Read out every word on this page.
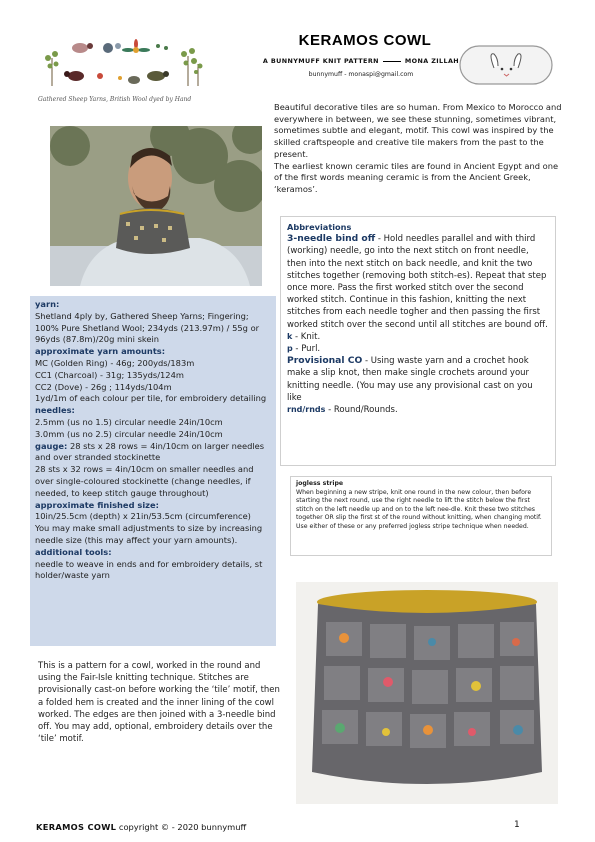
Gathered Sheep Yarns, British Wool dyed by Hand
KERAMOS COWL
A BUNNYMUFF KNIT PATTERN	MONA ZILLAH
bunnymuff - monaspi@gmail.com

Beautiful decorative tiles are so human. From Mexico to Morocco and everywhere in between, we see these stunning, sometimes vibrant, sometimes subtle and elegant, motif. This cowl was inspired by the skilled craftspeople and creative tile makers from the past to the present.

The earliest known ceramic tiles are found in Ancient Egypt and one of the first words meaning ceramic is from the Ancient Greek, ‘keramos’.

Abbreviations

3-needle bind off - Hold needles parallel and with third (working) needle, go into the next stitch on front needle, then into the next stitch on back needle, and knit the two stitches together (removing both stitch-es). Repeat that step once more. Pass the first worked stitch over the second worked stitch. Continue in this fashion, knitting the next stitches from each needle togher and then passing the first worked stitch over the second until all stitches are bound off.

k - Knit.

p - Purl.

Provisional CO - Using waste yarn and a crochet hook make a slip knot, then make single crochets around your knitting needle. (You may use any provisional cast on you like

rnd/rnds - Round/Rounds.

jogless stripe
When beginning a new stripe, knit one round in the new colour, then before starting the next round, use the right needle to lift the stitch below the first stitch on the left needle up and on to the left nee-dle. Knit these two stitches together OR slip the first st of the round without knitting, when changing motif. Use either of these or any preferred jogless stripe technique when needed.

yarn:

Shetland 4ply by, Gathered Sheep Yarns; Fingering; 100% Pure Shetland Wool; 234yds (213.97m) / 55g or 96yds (87.8m)/20g mini skein

approximate yarn amounts:

MC (Golden Ring) - 46g; 200yds/183m

CC1 (Charcoal) - 31g; 135yds/124m

CC2 (Dove) - 26g ; 114yds/104m

1yd/1m of each colour per tile, for embroidery detailing

needles:

2.5mm (us no 1.5) circular needle 24in/10cm

3.0mm (us no 2.5) circular needle 24in/10cm

gauge: 28 sts x 28 rows = 4in/10cm on larger needles and over stranded stockinette

28 sts x 32 rows = 4in/10cm on smaller needles and over single-coloured stockinette (change needles, if needed, to keep stitch gauge throughout)

approximate finished size:

10in/25.5cm (depth) x 21in/53.5cm (circumference)

You may make small adjustments to size by increasing needle size (this may affect your yarn amounts).

additional tools:

needle to weave in ends and for embroidery details, st holder/waste yarn

This is a pattern for a cowl, worked in the round and using the Fair-Isle knitting technique. Stitches are provisionally cast-on before working the ‘tile’ motif, then a folded hem is created and the inner lining of the cowl worked. The edges are then joined with a 3-needle bind off. You may add, optional, embroidery details over the ‘tile’ motif.

KERAMOS COWL copyright © - 2020 bunnymuff	1
